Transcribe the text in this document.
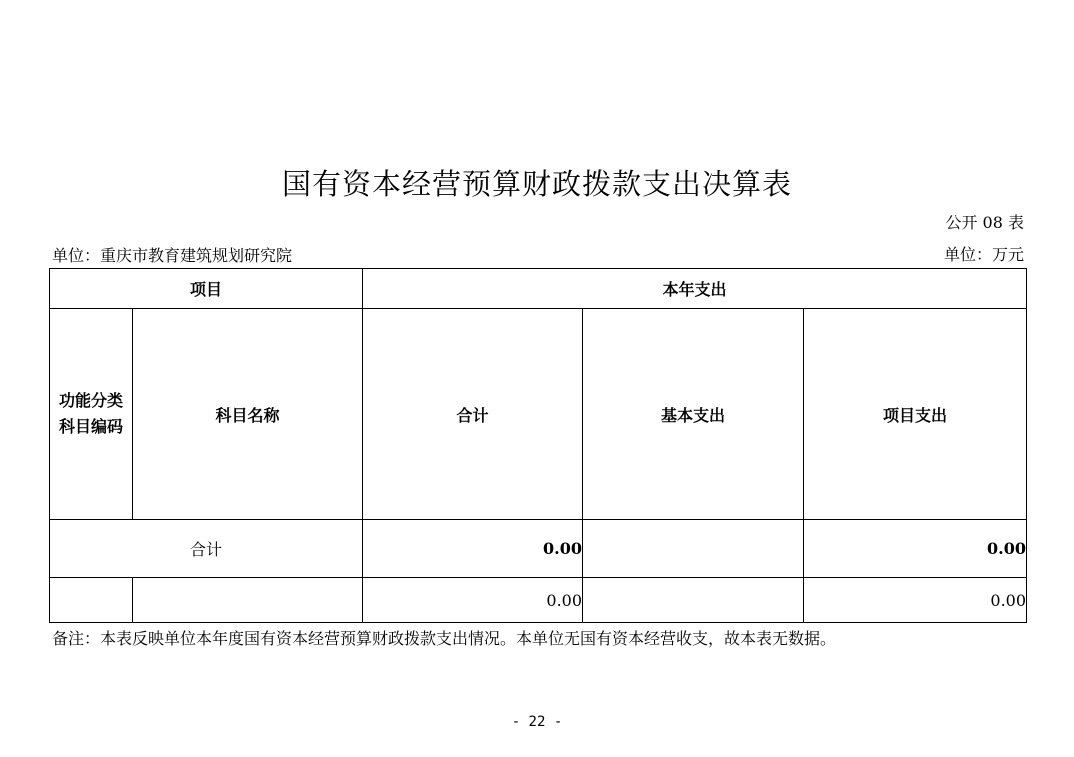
国有资本经营预算财政拨款支出决算表
公开 08 表
单位：重庆市教育建筑规划研究院	单位：万元
项目		本年支出		

功能分类
科目编码	科目名称	合计	基本支出	项目支出
合计		0.00		0.00
		0.00		0.00
备注：本表反映单位本年度国有资本经营预算财政拨款支出情况。本单位无国有资本经营收支，故本表无数据。
- 22 -
